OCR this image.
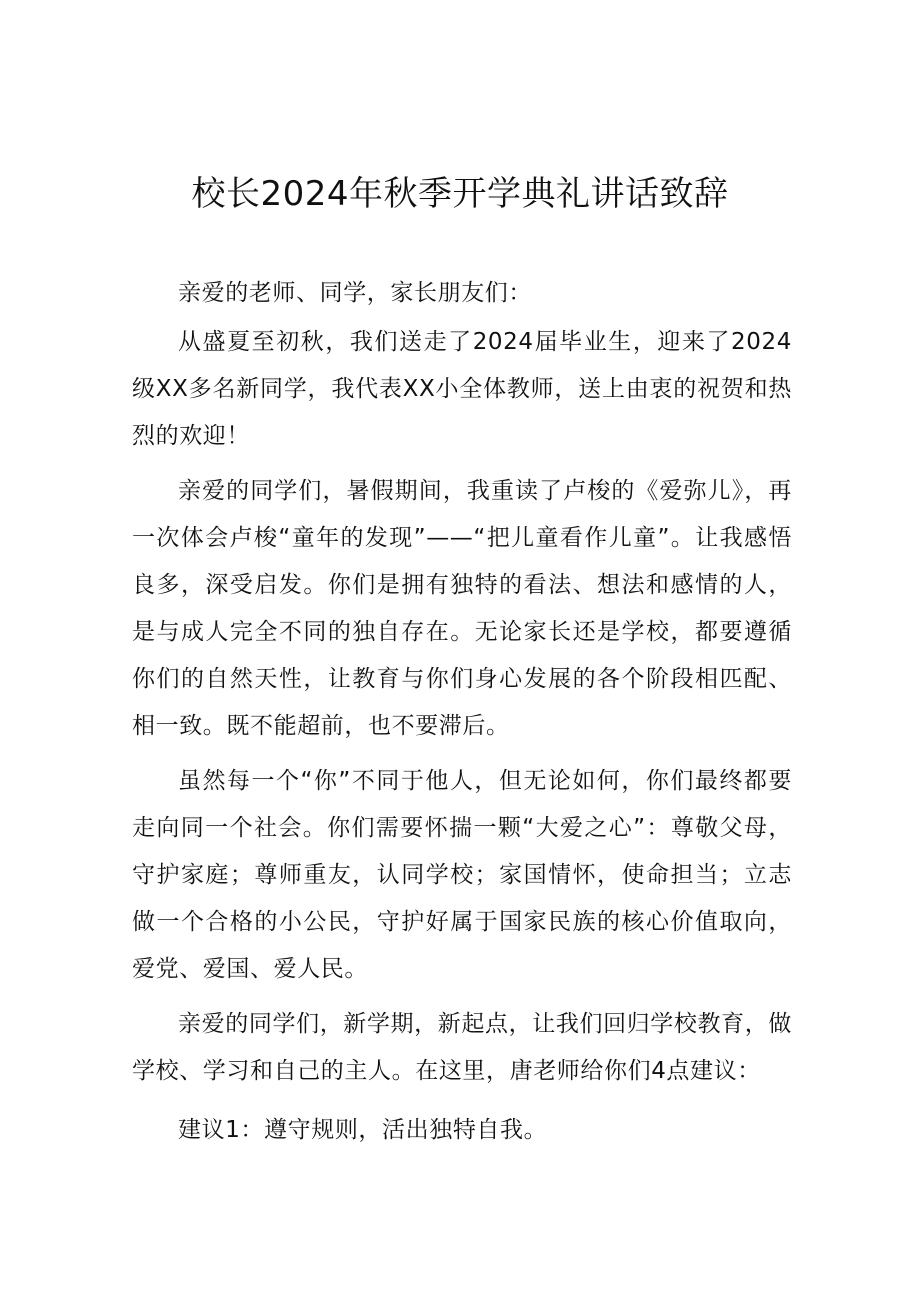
校长2024年秋季开学典礼讲话致辞

亲爱的老师、同学，家长朋友们：

从盛夏至初秋，我们送走了2024届毕业生，迎来了2024级XX多名新同学，我代表XX小全体教师，送上由衷的祝贺和热烈的欢迎！

亲爱的同学们，暑假期间，我重读了卢梭的《爱弥儿》，再一次体会卢梭“童年的发现”——“把儿童看作儿童”。让我感悟良多，深受启发。你们是拥有独特的看法、想法和感情的人，是与成人完全不同的独自存在。无论家长还是学校，都要遵循你们的自然天性，让教育与你们身心发展的各个阶段相匹配、相一致。既不能超前，也不要滞后。

虽然每一个“你”不同于他人，但无论如何，你们最终都要走向同一个社会。你们需要怀揣一颗“大爱之心”：尊敬父母，守护家庭；尊师重友，认同学校；家国情怀，使命担当；立志做一个合格的小公民，守护好属于国家民族的核心价值取向，爱党、爱国、爱人民。

亲爱的同学们，新学期，新起点，让我们回归学校教育，做学校、学习和自己的主人。在这里，唐老师给你们4点建议：

建议1：遵守规则，活出独特自我。
